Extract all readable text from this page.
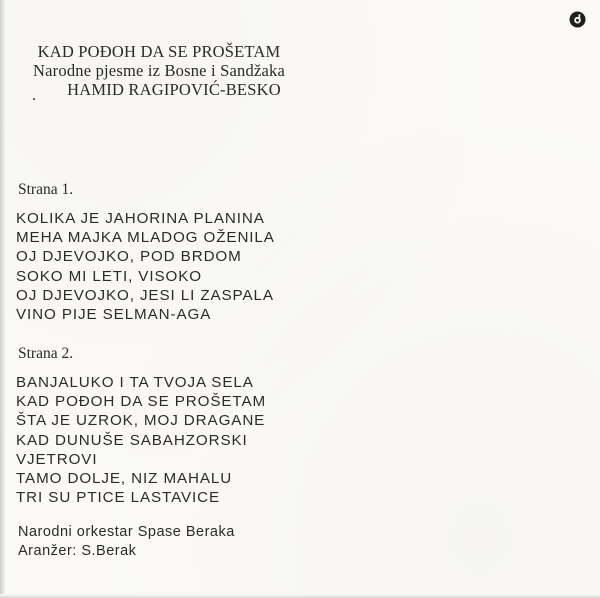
KAD POĐOH DA SE PROŠETAM
Narodne pjesme iz Bosne i Sandžaka
HAMID RAGIPOVIĆ-BESKO
.
Strana 1.
KOLIKA JE JAHORINA PLANINA
MEHA MAJKA MLADOG OŽENILA
OJ DJEVOJKO, POD BRDOM
SOKO MI LETI, VISOKO
OJ DJEVOJKO, JESI LI ZASPALA
VINO PIJE SELMAN-AGA
Strana 2.
BANJALUKO I TA TVOJA SELA
KAD POĐOH DA SE PROŠETAM
ŠTA JE UZROK, MOJ DRAGANE
KAD DUNUŠE SABAHZORSKI
VJETROVI
TAMO DOLJE, NIZ MAHALU
TRI SU PTICE LASTAVICE
Narodni orkestar Spase Beraka
Aranžer: S.Berak
